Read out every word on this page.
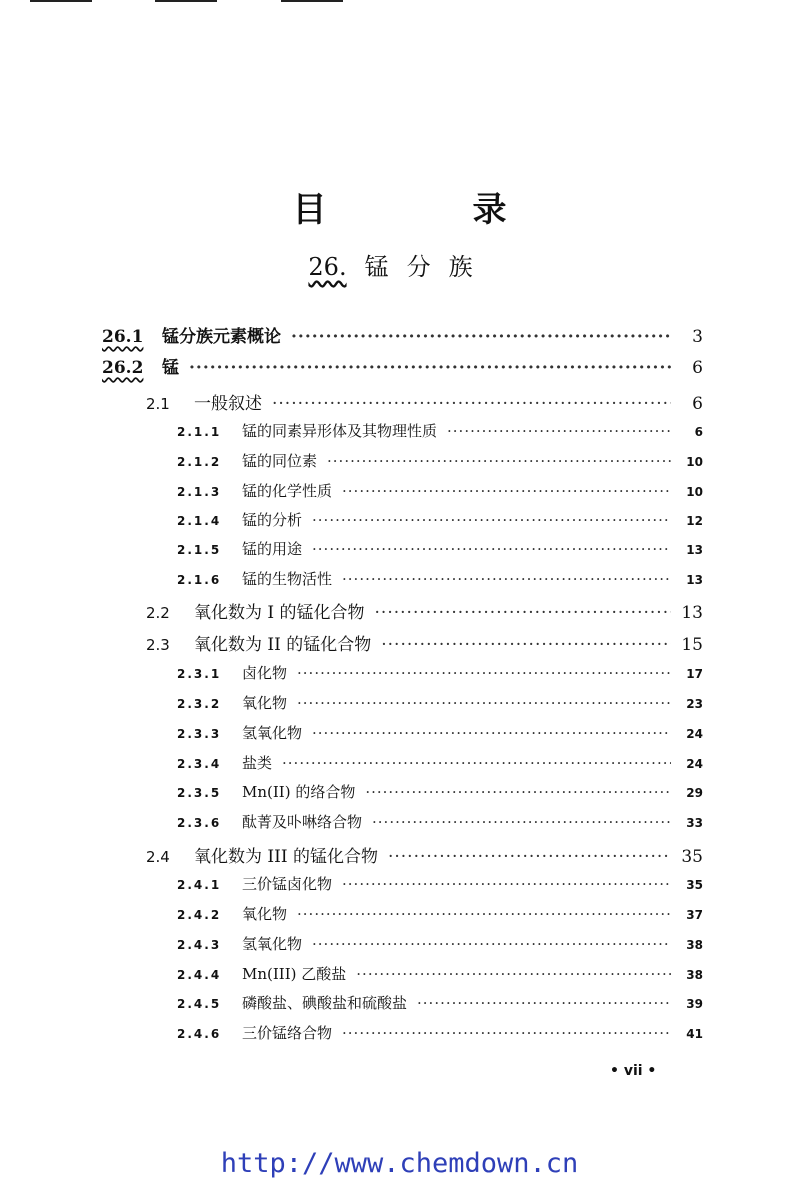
目　录
26. 锰分族
26.1	锰分族元素概论 ·····	3
26.2	锰 ·····	6
2.1	一般叙述 ·····	6
2.1.1	锰的同素异形体及其物理性质 ·····	6
2.1.2	锰的同位素 ·····	10
2.1.3	锰的化学性质 ·····	10
2.1.4	锰的分析 ·····	12
2.1.5	锰的用途 ·····	13
2.1.6	锰的生物活性 ·····	13
2.2	氧化数为 I 的锰化合物 ·····	13
2.3	氧化数为 II 的锰化合物 ·····	15
2.3.1	卤化物 ·····	17
2.3.2	氧化物 ·····	23
2.3.3	氢氧化物 ·····	24
2.3.4	盐类 ·····	24
2.3.5	Mn(II) 的络合物 ·····	29
2.3.6	酞菁及卟啉络合物 ·····	33
2.4	氧化数为 III 的锰化合物 ·····	35
2.4.1	三价锰卤化物 ·····	35
2.4.2	氧化物 ·····	37
2.4.3	氢氧化物 ·····	38
2.4.4	Mn(III) 乙酸盐 ·····	38
2.4.5	磷酸盐、碘酸盐和硫酸盐 ·····	39
2.4.6	三价锰络合物 ·····	41
• vii •
http://www.chemdown.cn
